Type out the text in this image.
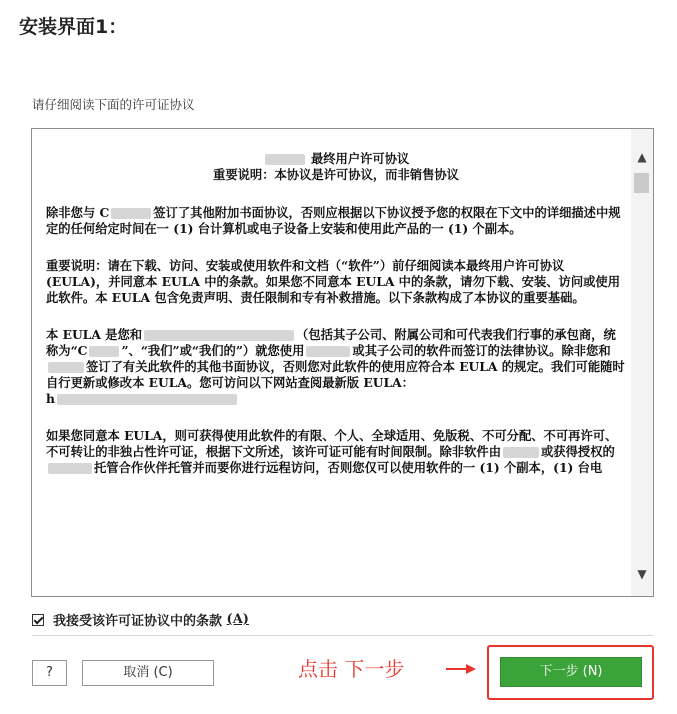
安装界面1：
请仔细阅读下面的许可证协议
最终用户许可协议
重要说明：本协议是许可协议，而非销售协议

除非您与 C	签订了其他附加书面协议，否则应根据以下协议授予您的权限在下文中的详细描述中规定的任何给定时间在一 (1) 台计算机或电子设备上安装和使用此产品的一 (1) 个副本。

重要说明：请在下载、访问、安装或使用软件和文档（“软件”）前仔细阅读本最终用户许可协议 (EULA)，并同意本 EULA 中的条款。如果您不同意本 EULA 中的条款，请勿下载、安装、访问或使用此软件。本 EULA 包含免责声明、责任限制和专有补救措施。以下条款构成了本协议的重要基础。

本 EULA 是您和	（包括其子公司、附属公司和可代表我们行事的承包商，统称为“C	”、“我们”或“我们的”）就您使用	或其子公司的软件而签订的法律协议。除非您和签订了有关此软件的其他书面协议，否则您对此软件的使用应符合本 EULA 的规定。我们可能随时自行更新或修改本 EULA。您可访问以下网站查阅最新版 EULA：
h

如果您同意本 EULA，则可获得使用此软件的有限、个人、全球适用、免版税、不可分配、不可再许可、不可转让的非独占性许可证，根据下文所述，该许可证可能有时间限制。除非软件由	或获得授权的托管合作伙伴托管并而要你进行远程访问，否则您仅可以使用软件的一 (1) 个副本，(1) 台电

▲
▼
我接受该许可证协议中的条款
(A)
?	取消 (C)	点击 下一步	下一步 (N)
